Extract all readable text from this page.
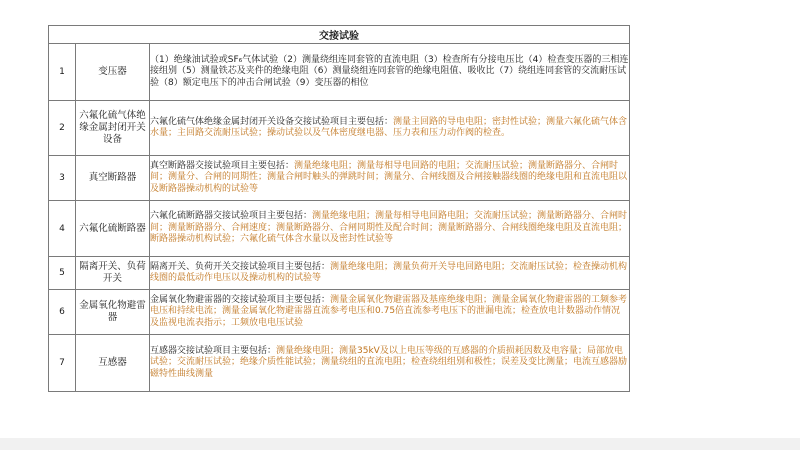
交接试验		
1	变压器	（1）绝缘油试验或SF₆气体试验（2）测量绕组连同套管的直流电阻（3）检查所有分接电压比（4）检查变压器的三相连接组别（5）测量铁芯及夹件的绝缘电阻（6）测量绕组连同套管的绝缘电阻值、吸收比（7）绕组连同套管的交流耐压试验（8）额定电压下的冲击合闸试验（9）变压器的相位
2	六氟化硫气体绝缘金属封闭开关设备	六氟化硫气体绝缘金属封闭开关设备交接试验项目主要包括：测量主回路的导电电阻；密封性试验；测量六氟化硫气体含水量；主回路交流耐压试验；操动试验以及气体密度继电器、压力表和压力动作阀的检查。
3	真空断路器	真空断路器交接试验项目主要包括：测量绝缘电阻；测量每相导电回路的电阻；交流耐压试验；测量断路器分、合闸时间；测量分、合闸的同期性；测量合闸时触头的弹跳时间；测量分、合闸线圈及合闸接触器线圈的绝缘电阻和直流电阻以及断路器操动机构的试验等
4	六氟化硫断路器	六氟化硫断路器交接试验项目主要包括：测量绝缘电阻；测量每相导电回路电阻；交流耐压试验；测量断路器分、合闸时间；测量断路器分、合闸速度；测量断路器分、合闸同期性及配合时间；测量断路器分、合闸线圈绝缘电阻及直流电阻；断路器操动机构试验；六氟化硫气体含水量以及密封性试验等
5	隔离开关、负荷开关	隔离开关、负荷开关交接试验项目主要包括：测量绝缘电阻；测量负荷开关导电回路电阻；交流耐压试验；检查操动机构线圈的最低动作电压以及操动机构的试验等
6	金属氧化物避雷器	金属氧化物避雷器的交接试验项目主要包括：测量金属氧化物避雷器及基座绝缘电阻；测量金属氧化物避雷器的工频参考电压和持续电流；测量金属氧化物避雷器直流参考电压和0.75倍直流参考电压下的泄漏电流；检查放电计数器动作情况及监视电流表指示；工频放电电压试验
7	互感器	互感器交接试验项目主要包括：测量绝缘电阻；测量35kV及以上电压等级的互感器的介质损耗因数及电容量；局部放电试验；交流耐压试验；绝缘介质性能试验；测量绕组的直流电阻；检查绕组组别和极性；误差及变比测量；电流互感器励磁特性曲线测量
